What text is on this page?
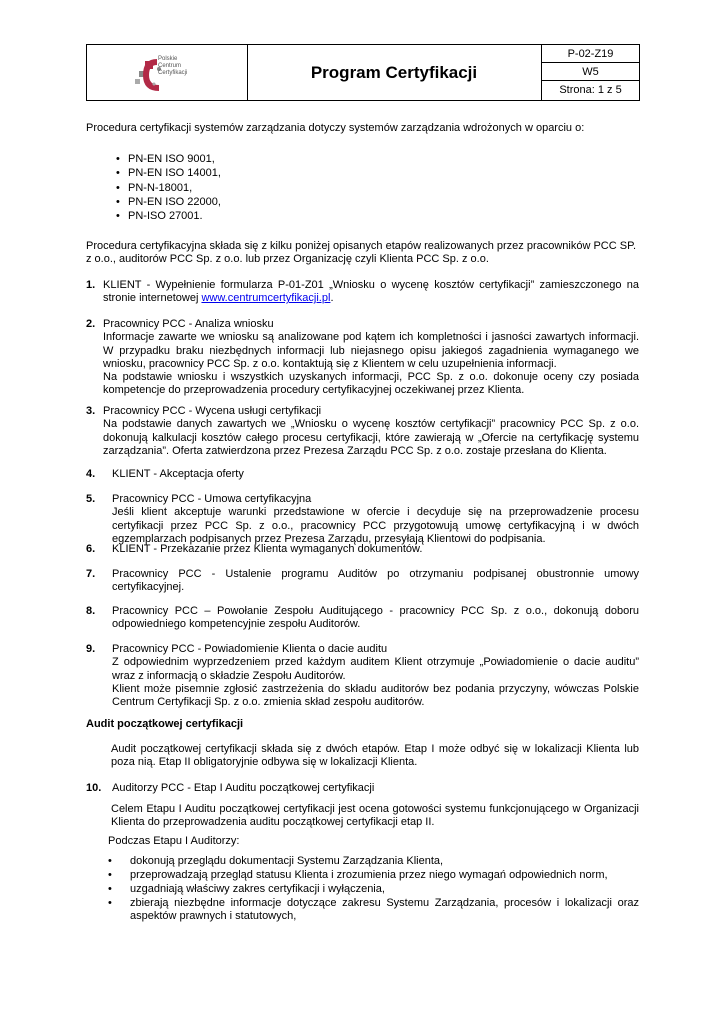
Polskie
Centrum
Certyfikacji	Program Certyfikacji
P-02-Z19
W5
Strona: 1 z 5
Procedura certyfikacji systemów zarządzania dotyczy systemów zarządzania wdrożonych w oparciu o:
• PN-EN ISO 9001,
• PN-EN ISO 14001,
• PN-N-18001,
• PN-EN ISO 22000,
• PN-ISO 27001.
Procedura certyfikacyjna składa się z kilku poniżej opisanych etapów realizowanych przez pracowników PCC SP. z o.o., auditorów PCC Sp. z o.o. lub przez Organizację czyli Klienta PCC Sp. z o.o.
1. KLIENT - Wypełnienie formularza P-01-Z01 „Wniosku o wycenę kosztów certyfikacji” zamieszczonego na stronie internetowej www.centrumcertyfikacji.pl.
2. Pracownicy PCC - Analiza wniosku

Informacje zawarte we wniosku są analizowane pod kątem ich kompletności i jasności zawartych informacji. W przypadku braku niezbędnych informacji lub niejasnego opisu jakiegoś zagadnienia wymaganego we wniosku, pracownicy PCC Sp. z o.o. kontaktują się z Klientem w celu uzupełnienia informacji.

Na podstawie wniosku i wszystkich uzyskanych informacji, PCC Sp. z o.o. dokonuje oceny czy posiada kompetencje do przeprowadzenia procedury certyfikacyjnej oczekiwanej przez Klienta.

3. Pracownicy PCC - Wycena usługi certyfikacji

Na podstawie danych zawartych we „Wniosku o wycenę kosztów certyfikacji” pracownicy PCC Sp. z o.o. dokonują kalkulacji kosztów całego procesu certyfikacji, które zawierają w „Ofercie na certyfikację systemu zarządzania”. Oferta zatwierdzona przez Prezesa Zarządu PCC Sp. z o.o. zostaje przesłana do Klienta.

4. KLIENT - Akceptacja oferty
5. Pracownicy PCC - Umowa certyfikacyjna

Jeśli klient akceptuje warunki przedstawione w ofercie i decyduje się na przeprowadzenie procesu certyfikacji przez PCC Sp. z o.o., pracownicy PCC przygotowują umowę certyfikacyjną i w dwóch egzemplarzach podpisanych przez Prezesa Zarządu, przesyłają Klientowi do podpisania.

6. KLIENT - Przekazanie przez Klienta wymaganych dokumentów.
7. Pracownicy PCC - Ustalenie programu Auditów po otrzymaniu podpisanej obustronnie umowy certyfikacyjnej.
8. Pracownicy PCC – Powołanie Zespołu Auditującego - pracownicy PCC Sp. z o.o., dokonują doboru odpowiedniego kompetencyjnie zespołu Auditorów.
9. Pracownicy PCC - Powiadomienie Klienta o dacie auditu

Z odpowiednim wyprzedzeniem przed każdym auditem Klient otrzymuje „Powiadomienie o dacie auditu” wraz z informacją o składzie Zespołu Auditorów.

Klient może pisemnie zgłosić zastrzeżenia do składu auditorów bez podania przyczyny, wówczas Polskie Centrum Certyfikacji Sp. z o.o. zmienia skład zespołu auditorów.

Audit początkowej certyfikacji
Audit początkowej certyfikacji składa się z dwóch etapów. Etap I może odbyć się w lokalizacji Klienta lub poza nią. Etap II obligatoryjnie odbywa się w lokalizacji Klienta.
10. Auditorzy PCC - Etap I Auditu początkowej certyfikacji
Celem Etapu I Auditu początkowej certyfikacji jest ocena gotowości systemu funkcjonującego w Organizacji Klienta do przeprowadzenia auditu początkowej certyfikacji etap II.
Podczas Etapu I Auditorzy:
• dokonują przeglądu dokumentacji Systemu Zarządzania Klienta,
• przeprowadzają przegląd statusu Klienta i zrozumienia przez niego wymagań odpowiednich norm,
• uzgadniają właściwy zakres certyfikacji i wyłączenia,
• zbierają niezbędne informacje dotyczące zakresu Systemu Zarządzania, procesów i lokalizacji oraz aspektów prawnych i statutowych,
